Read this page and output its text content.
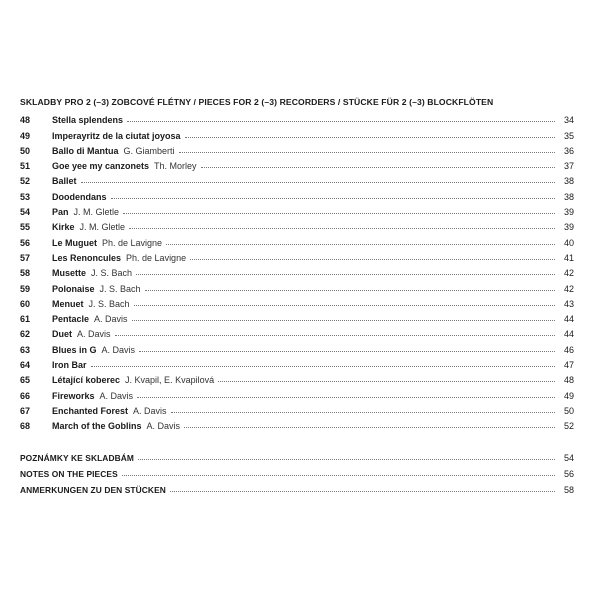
SKLADBY PRO 2 (–3) ZOBCOVÉ FLÉTNY / PIECES FOR 2 (–3) RECORDERS / STÜCKE FÜR 2 (–3) BLOCKFLÖTEN
48	Stella splendens	34
49	Imperayritz de la ciutat joyosa	35
50	Ballo di Mantua G. Giamberti	36
51	Goe yee my canzonets Th. Morley	37
52	Ballet	38
53	Doodendans	38
54	Pan J. M. Gletle	39
55	Kirke J. M. Gletle	39
56	Le Muguet Ph. de Lavigne	40
57	Les Renoncules Ph. de Lavigne	41
58	Musette J. S. Bach	42
59	Polonaise J. S. Bach	42
60	Menuet J. S. Bach	43
61	Pentacle A. Davis	44
62	Duet A. Davis	44
63	Blues in G A. Davis	46
64	Iron Bar	47
65	Létající koberec J. Kvapil, E. Kvapilová	48
66	Fireworks A. Davis	49
67	Enchanted Forest A. Davis	50
68	March of the Goblins A. Davis	52
POZNÁMKY KE SKLADBÁM	54
NOTES ON THE PIECES	56
ANMERKUNGEN ZU DEN STÜCKEN	58
